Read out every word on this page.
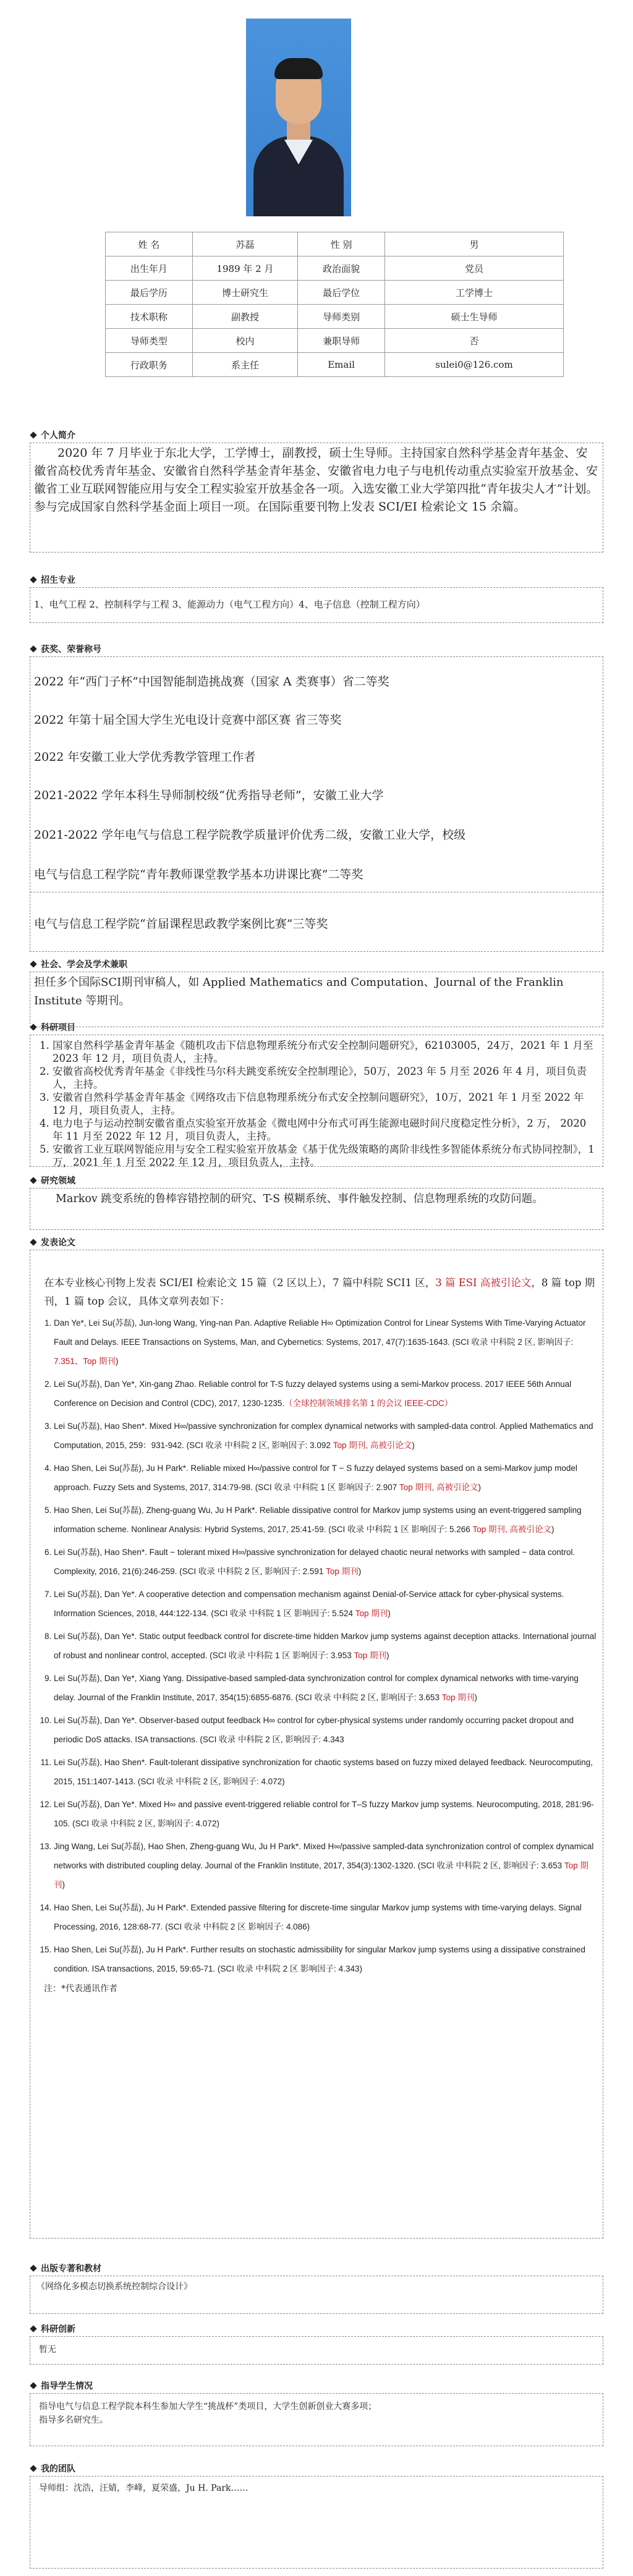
姓 名	苏磊	性 别	男
出生年月	1989 年 2 月	政治面貌	党员
最后学历	博士研究生	最后学位	工学博士
技术职称	副教授	导师类别	硕士生导师
导师类型	校内	兼职导师	否
行政职务	系主任	Email	sulei0@126.com
个人简介

2020 年 7 月毕业于东北大学，工学博士，副教授，硕士生导师。主持国家自然科学基金青年基金、安徽省高校优秀青年基金、安徽省自然科学基金青年基金、安徽省电力电子与电机传动重点实验室开放基金、安徽省工业互联网智能应用与安全工程实验室开放基金各一项。入选安徽工业大学第四批“青年拔尖人才”计划。参与完成国家自然科学基金面上项目一项。在国际重要刊物上发表 SCI/EI 检索论文 15 余篇。

招生专业

1、电气工程 2、控制科学与工程 3、能源动力（电气工程方向）4、电子信息（控制工程方向）

获奖、荣誉称号

2022 年“西门子杯”中国智能制造挑战赛（国家 A 类赛事）省二等奖

2022 年第十届全国大学生光电设计竞赛中部区赛 省三等奖

2022 年安徽工业大学优秀教学管理工作者

2021-2022 学年本科生导师制校级“优秀指导老师”，安徽工业大学

2021-2022 学年电气与信息工程学院教学质量评价优秀二级，安徽工业大学，校级

电气与信息工程学院“青年教师课堂教学基本功讲课比赛”二等奖

电气与信息工程学院“首届课程思政教学案例比赛”三等奖

社会、学会及学术兼职

担任多个国际SCI期刊审稿人，如 Applied Mathematics and Computation、Journal of the Franklin Institute 等期刊。

科研项目
1. 国家自然科学基金青年基金《随机攻击下信息物理系统分布式安全控制问题研究》，62103005，24万，2021 年 1 月至 2023 年 12 月，项目负责人，主持。
2. 安徽省高校优秀青年基金《非线性马尔科夫跳变系统安全控制理论》，50万，2023 年 5 月至 2026 年 4 月，项目负责人，主持。
3. 安徽省自然科学基金青年基金《网络攻击下信息物理系统分布式安全控制问题研究》，10万，2021 年 1 月至 2022 年 12 月，项目负责人，主持。
4. 电力电子与运动控制安徽省重点实验室开放基金《微电网中分布式可再生能源电磁时间尺度稳定性分析》，2 万， 2020 年 11 月至 2022 年 12 月，项目负责人，主持。
5. 安徽省工业互联网智能应用与安全工程实验室开放基金《基于优先级策略的离阶非线性多智能体系统分布式协同控制》，1 万，2021 年 1 月至 2022 年 12 月，项目负责人，主持。
研究领域

Markov 跳变系统的鲁棒容错控制的研究、T-S 模糊系统、事件触发控制、信息物理系统的攻防问题。

发表论文

在本专业核心刊物上发表 SCI/EI 检索论文 15 篇（2 区以上），7 篇中科院 SCI1 区，3 篇 ESI 高被引论文，8 篇 top 期刊，1 篇 top 会议，具体文章列表如下：

1. Dan Ye*, Lei Su(苏磊), Jun-long Wang, Ying-nan Pan. Adaptive Reliable H∞ Optimization Control for Linear Systems With Time-Varying Actuator Fault and Delays. IEEE Transactions on Systems, Man, and Cybernetics: Systems, 2017, 47(7):1635-1643. (SCI 收录 中科院 2 区, 影响因子: 7.351、Top 期刊)
2. Lei Su(苏磊), Dan Ye*, Xin-gang Zhao. Reliable control for T-S fuzzy delayed systems using a semi-Markov process. 2017 IEEE 56th Annual Conference on Decision and Control (CDC), 2017, 1230-1235.（全球控制领域排名第 1 的会议 IEEE-CDC）
3. Lei Su(苏磊), Hao Shen*. Mixed H∞/passive synchronization for complex dynamical networks with sampled-data control. Applied Mathematics and Computation, 2015, 259：931-942. (SCI 收录 中科院 2 区, 影响因子: 3.092 Top 期刊, 高被引论文)
4. Hao Shen, Lei Su(苏磊), Ju H Park*. Reliable mixed H∞/passive control for T − S fuzzy delayed systems based on a semi-Markov jump model approach. Fuzzy Sets and Systems, 2017, 314:79-98. (SCI 收录 中科院 1 区 影响因子: 2.907 Top 期刊, 高被引论文)
5. Hao Shen, Lei Su(苏磊), Zheng-guang Wu, Ju H Park*. Reliable dissipative control for Markov jump systems using an event-triggered sampling information scheme. Nonlinear Analysis: Hybrid Systems, 2017, 25:41-59. (SCI 收录 中科院 1 区 影响因子: 5.266 Top 期刊, 高被引论文)
6. Lei Su(苏磊), Hao Shen*. Fault − tolerant mixed H∞/passive synchronization for delayed chaotic neural networks with sampled − data control. Complexity, 2016, 21(6):246-259. (SCI 收录 中科院 2 区, 影响因子: 2.591 Top 期刊)
7. Lei Su(苏磊), Dan Ye*. A cooperative detection and compensation mechanism against Denial-of-Service attack for cyber-physical systems. Information Sciences, 2018, 444:122-134. (SCI 收录 中科院 1 区 影响因子: 5.524 Top 期刊)
8. Lei Su(苏磊), Dan Ye*. Static output feedback control for discrete-time hidden Markov jump systems against deception attacks. International journal of robust and nonlinear control, accepted. (SCI 收录 中科院 1 区 影响因子: 3.953 Top 期刊)
9. Lei Su(苏磊), Dan Ye*, Xiang Yang. Dissipative-based sampled-data synchronization control for complex dynamical networks with time-varying delay. Journal of the Franklin Institute, 2017, 354(15):6855-6876. (SCI 收录 中科院 2 区, 影响因子: 3.653 Top 期刊)
10. Lei Su(苏磊), Dan Ye*. Observer-based output feedback H∞ control for cyber-physical systems under randomly occurring packet dropout and periodic DoS attacks. ISA transactions. (SCI 收录 中科院 2 区, 影响因子: 4.343
11. Lei Su(苏磊), Hao Shen*. Fault-tolerant dissipative synchronization for chaotic systems based on fuzzy mixed delayed feedback. Neurocomputing, 2015, 151:1407-1413. (SCI 收录 中科院 2 区, 影响因子: 4.072)
12. Lei Su(苏磊), Dan Ye*. Mixed H∞ and passive event-triggered reliable control for T–S fuzzy Markov jump systems. Neurocomputing, 2018, 281:96-105. (SCI 收录 中科院 2 区, 影响因子: 4.072)
13. Jing Wang, Lei Su(苏磊), Hao Shen, Zheng-guang Wu, Ju H Park*. Mixed H∞/passive sampled-data synchronization control of complex dynamical networks with distributed coupling delay. Journal of the Franklin Institute, 2017, 354(3):1302-1320. (SCI 收录 中科院 2 区, 影响因子: 3.653 Top 期刊)
14. Hao Shen, Lei Su(苏磊), Ju H Park*. Extended passive filtering for discrete-time singular Markov jump systems with time-varying delays. Signal Processing, 2016, 128:68-77. (SCI 收录 中科院 2 区 影响因子: 4.086)
15. Hao Shen, Lei Su(苏磊), Ju H Park*. Further results on stochastic admissibility for singular Markov jump systems using a dissipative constrained condition. ISA transactions, 2015, 59:65-71. (SCI 收录 中科院 2 区 影响因子: 4.343)

注：*代表通讯作者

出版专著和教材

《网络化多模态切换系统控制综合设计》

科研创新

暂无

指导学生情况

指导电气与信息工程学院本科生参加大学生“挑战杯”类项目，大学生创新创业大赛多项；

指导多名研究生。

我的团队

导师组：沈浩，汪婧，李峰，夏荣盛，Ju H. Park……
